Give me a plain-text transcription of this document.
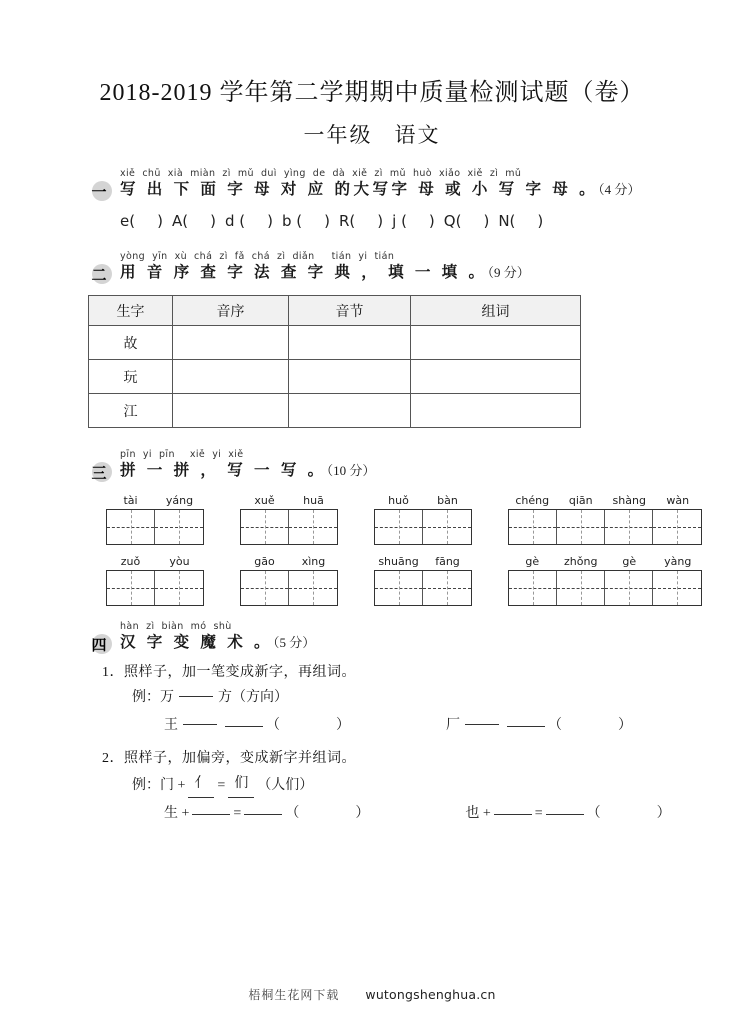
2018-2019 学年第二学期期中质量检测试题（卷）
一年级 语文
一
xiě chū xià miàn zì mǔ duì yìng de dà xiě zì mǔ huò xiǎo xiě zì mǔ
写 出 下 面 字 母 对 应 的大写字 母 或 小 写 字 母 。（4 分）
e( ) A( ) d ( ) b ( ) R( ) j ( ) Q( ) N( )
二
yòng yīn xù chá zì fǎ chá zì diǎn tián yi tián
用 音 序 查 字 法 查 字 典 ， 填 一 填 。（9 分）
生字	音序	音节	组词
故			
玩			
江			
三
pīn yi pīn xiě yi xiě
拼 一 拼 ， 写 一 写 。（10 分）
tài	yáng	xuě	huā	huǒ	bàn	chéng	qiān	shàng	wàn
zuǒ	yòu	gāo	xìng	shuāng	fāng	gè	zhǒng	gè	yàng
四
hàn zì biàn mó shù
汉 字 变 魔 术 。（5 分）
1．照样子，加一笔变成新字，再组词。
例：万	方（方向）
王	（	）	厂	（	）
2．照样子，加偏旁，变成新字并组词。
例：门 + 亻 = 们 （人们）
生 +	=	（	）	也 +	=	（	）
梧桐生花网下载 wutongshenghua.cn
